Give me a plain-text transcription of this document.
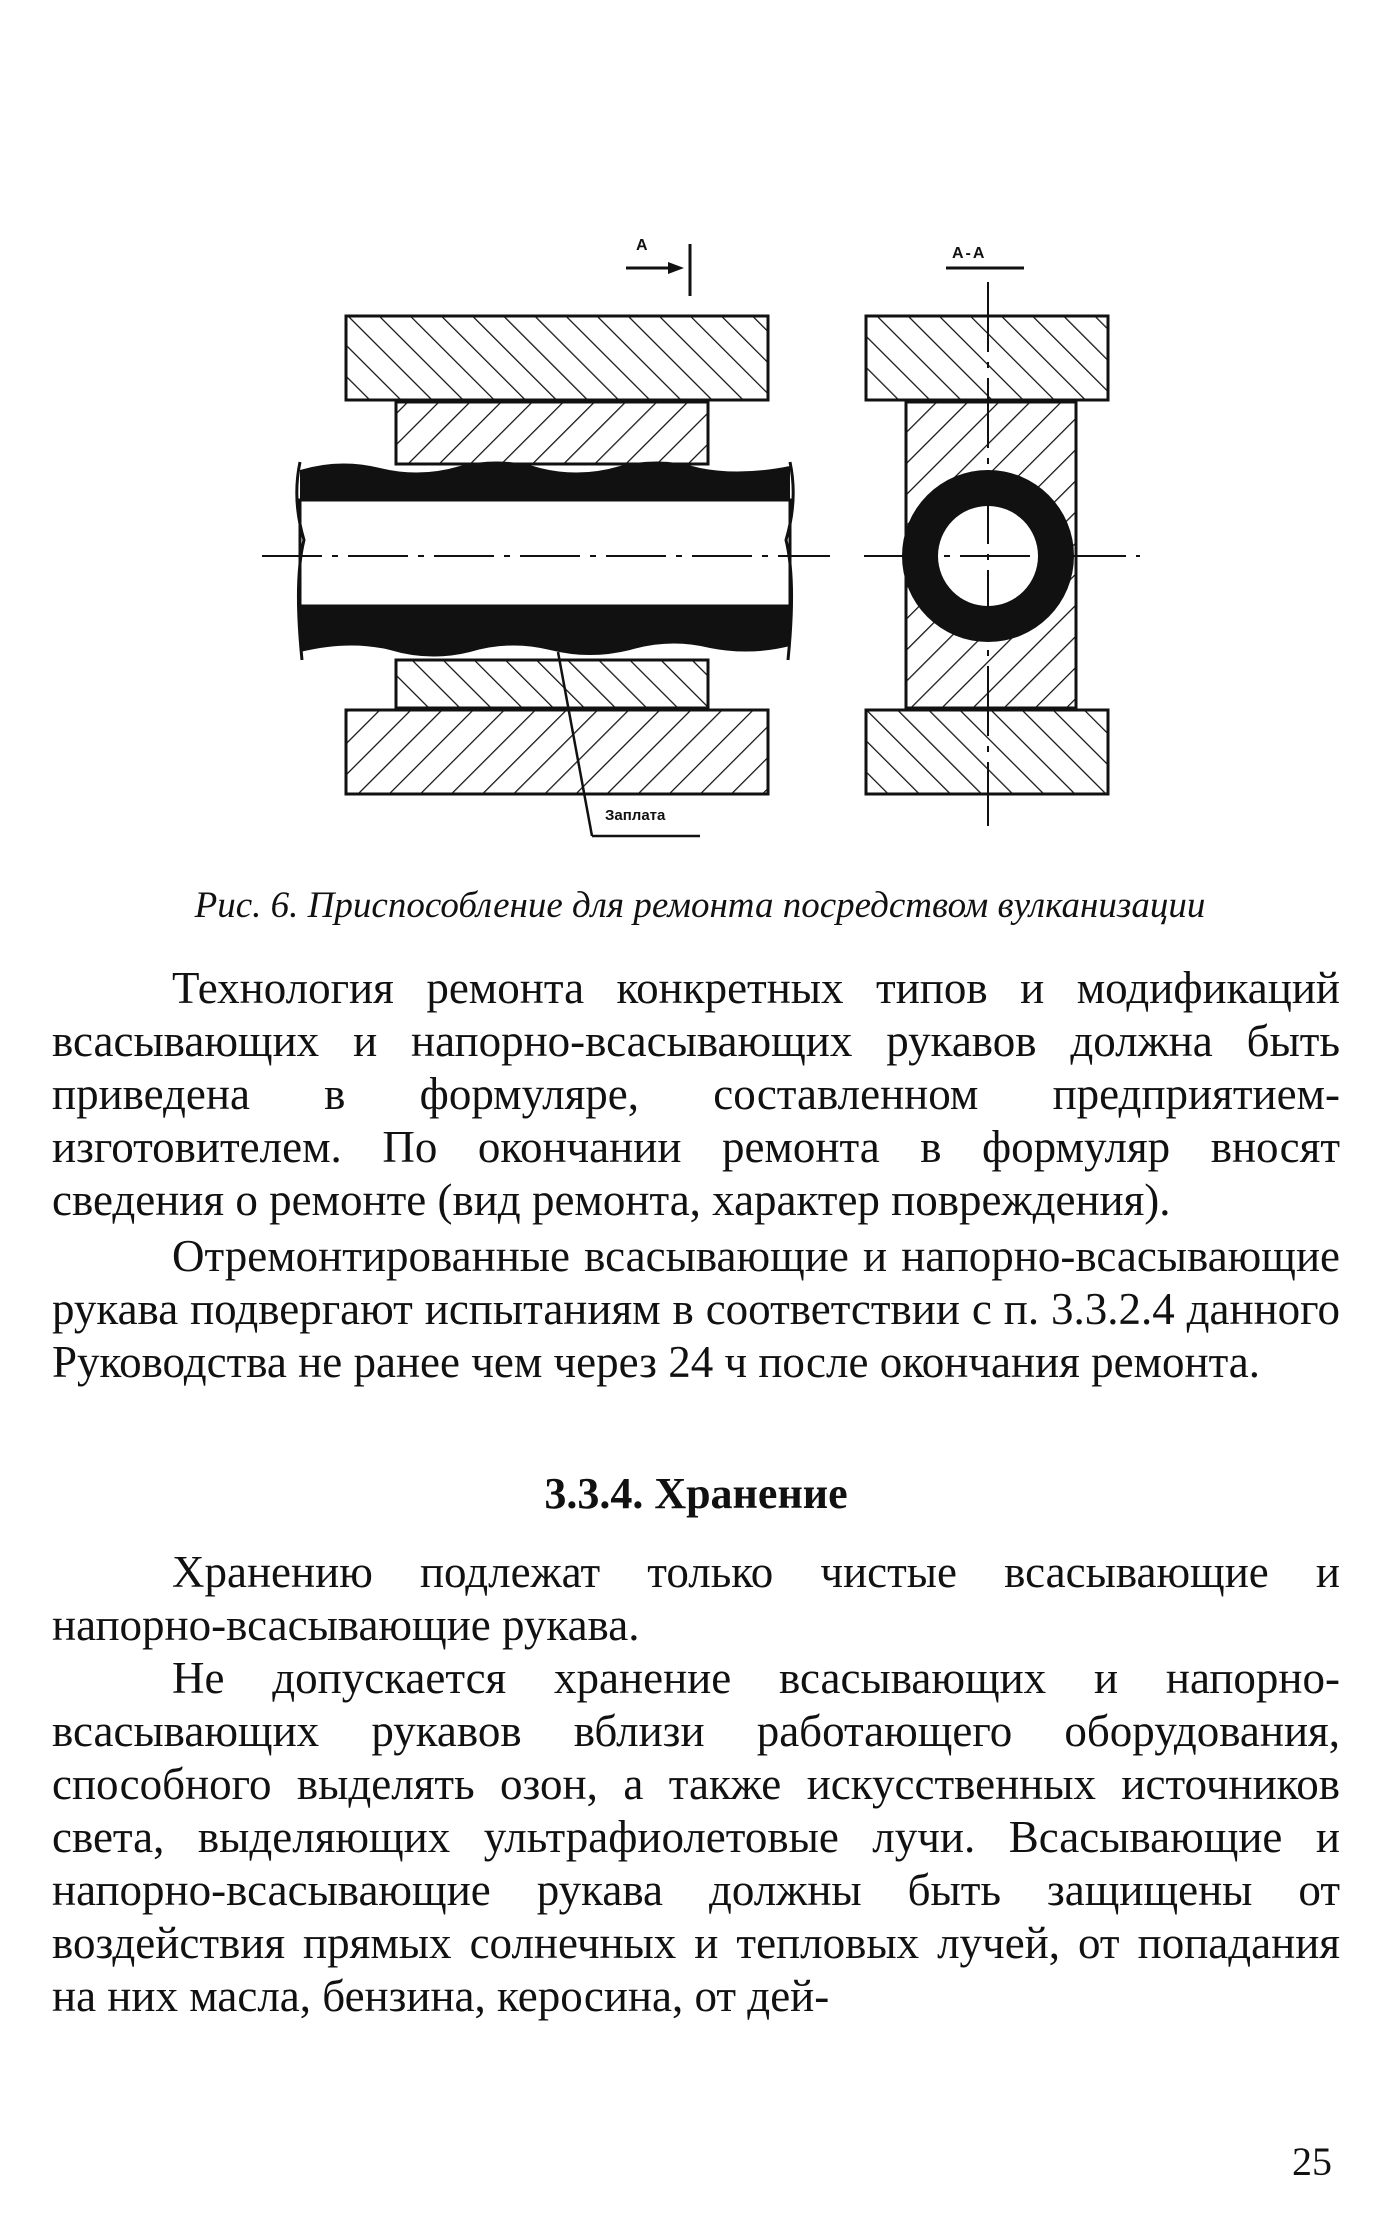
А	А-А
Заплата

Рис. 6. Приспособление для ремонта посредством вулканизации

Технология ремонта конкретных типов и модификаций всасывающих и напорно-всасывающих рукавов должна быть приведена в формуляре, составленном предприятием-изготовителем. По окончании ремонта в формуляр вносят сведения о ремонте (вид ремонта, характер повреждения).

Отремонтированные всасывающие и напорно-всасывающие рукава подвергают испытаниям в соответствии с п. 3.3.2.4 данного Руководства не ранее чем через 24 ч после окончания ремонта.

3.3.4. Хранение

Хранению подлежат только чистые всасывающие и напорно-всасывающие рукава.

Не допускается хранение всасывающих и напорно-всасывающих рукавов вблизи работающего оборудования, способного выделять озон, а также искусственных источников света, выделяющих ультрафиолетовые лучи. Всасывающие и напорно-всасывающие рукава должны быть защищены от воздействия прямых солнечных и тепловых лучей, от попадания на них масла, бензина, керосина, от дей-

25
